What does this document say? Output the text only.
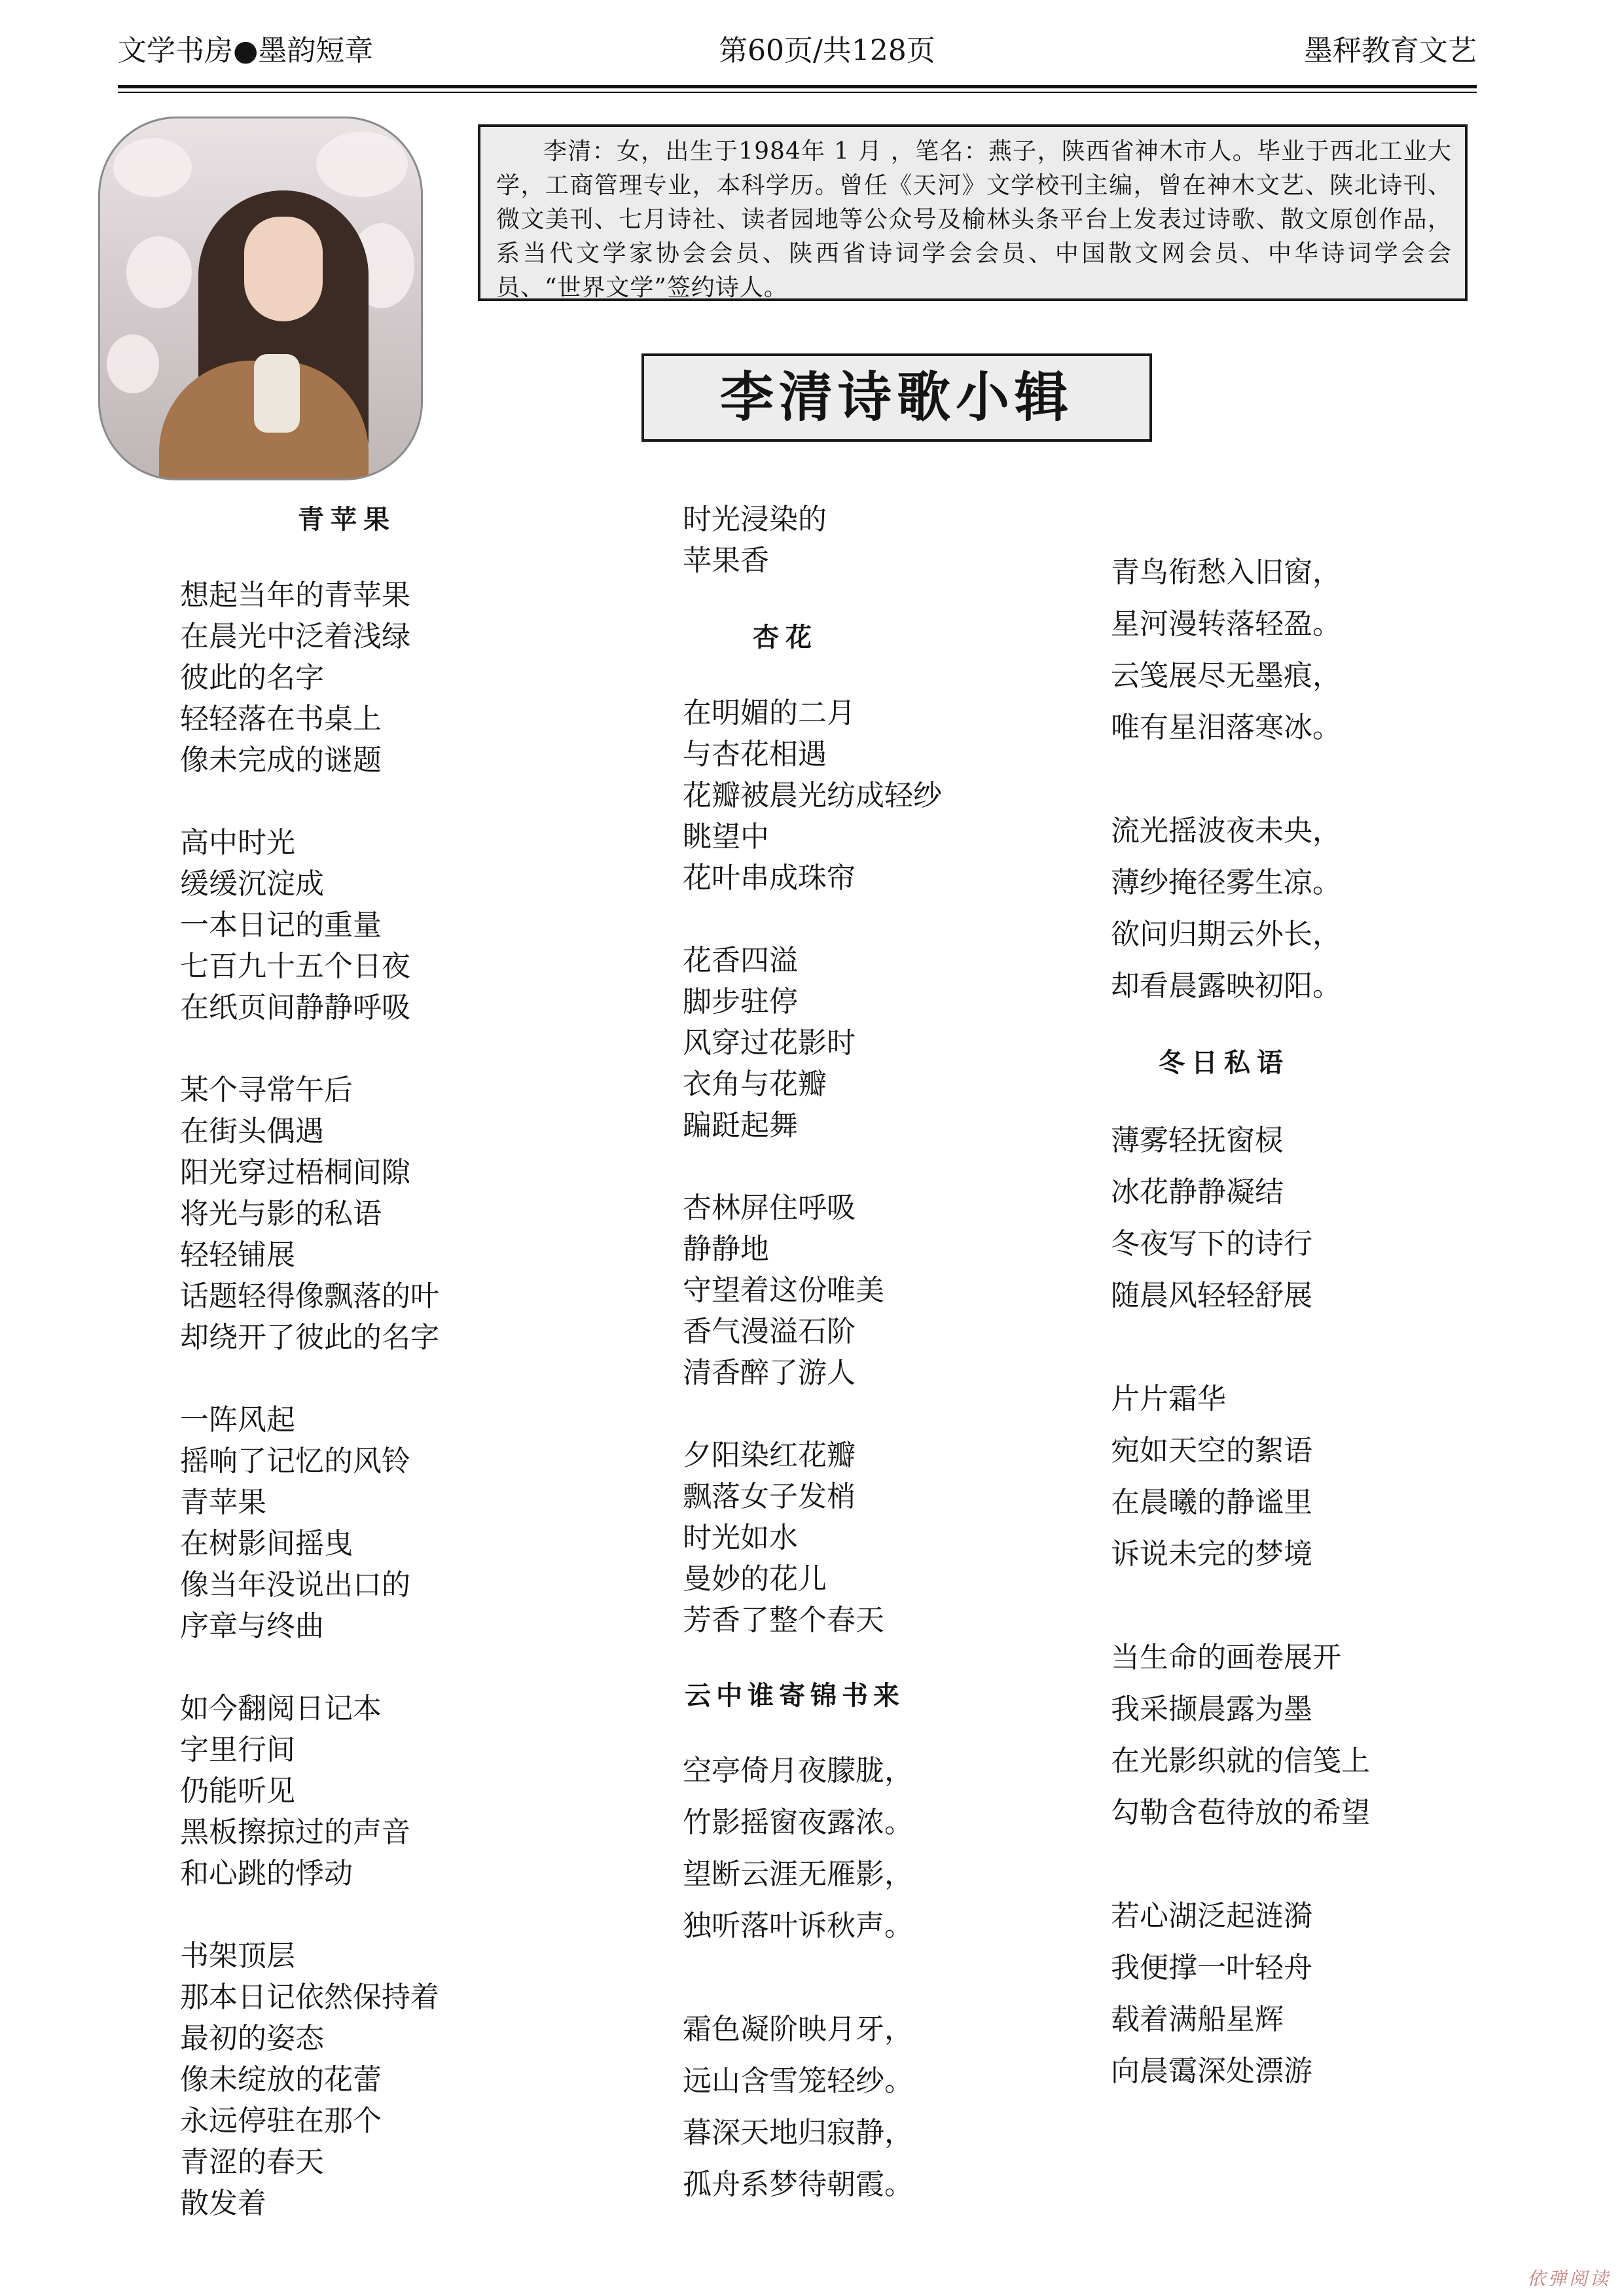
文学书房●墨韵短章	第60页/共128页	墨秤教育文艺
李清：女，出生于1984年 1 月 ，笔名：燕子，陕西省神木市人。毕业于西北工业大学，工商管理专业，本科学历。曾任《天河》文学校刊主编，曾在神木文艺、陕北诗刊、微文美刊、七月诗社、读者园地等公众号及榆林头条平台上发表过诗歌、散文原创作品，系当代文学家协会会员、陕西省诗词学会会员、中国散文网会员、中华诗词学会会员、“世界文学”签约诗人。
李清诗歌小辑
青苹果
想起当年的青苹果
在晨光中泛着浅绿
彼此的名字
轻轻落在书桌上
像未完成的谜题

高中时光
缓缓沉淀成
一本日记的重量
七百九十五个日夜
在纸页间静静呼吸

某个寻常午后
在街头偶遇
阳光穿过梧桐间隙
将光与影的私语
轻轻铺展
话题轻得像飘落的叶
却绕开了彼此的名字

一阵风起
摇响了记忆的风铃
青苹果
在树影间摇曳
像当年没说出口的
序章与终曲

如今翻阅日记本
字里行间
仍能听见
黑板擦掠过的声音
和心跳的悸动

书架顶层
那本日记依然保持着
最初的姿态
像未绽放的花蕾
永远停驻在那个
青涩的春天
散发着
时光浸染的
苹果香
杏花
在明媚的二月
与杏花相遇
花瓣被晨光纺成轻纱
眺望中
花叶串成珠帘

花香四溢
脚步驻停
风穿过花影时
衣角与花瓣
蹁跹起舞

杏林屏住呼吸
静静地
守望着这份唯美
香气漫溢石阶
清香醉了游人

夕阳染红花瓣
飘落女子发梢
时光如水
曼妙的花儿
芳香了整个春天
云中谁寄锦书来
空亭倚月夜朦胧，
竹影摇窗夜露浓。
望断云涯无雁影，
独听落叶诉秋声。

霜色凝阶映月牙，
远山含雪笼轻纱。
暮深天地归寂静，
孤舟系梦待朝霞。
青鸟衔愁入旧窗，
星河漫转落轻盈。
云笺展尽无墨痕，
唯有星泪落寒冰。

流光摇波夜未央，
薄纱掩径雾生凉。
欲问归期云外长，
却看晨露映初阳。
冬日私语
薄雾轻抚窗棂
冰花静静凝结
冬夜写下的诗行
随晨风轻轻舒展

片片霜华
宛如天空的絮语
在晨曦的静谧里
诉说未完的梦境

当生命的画卷展开
我采撷晨露为墨
在光影织就的信笺上
勾勒含苞待放的希望

若心湖泛起涟漪
我便撑一叶轻舟
载着满船星辉
向晨霭深处漂游
依弹阅读
